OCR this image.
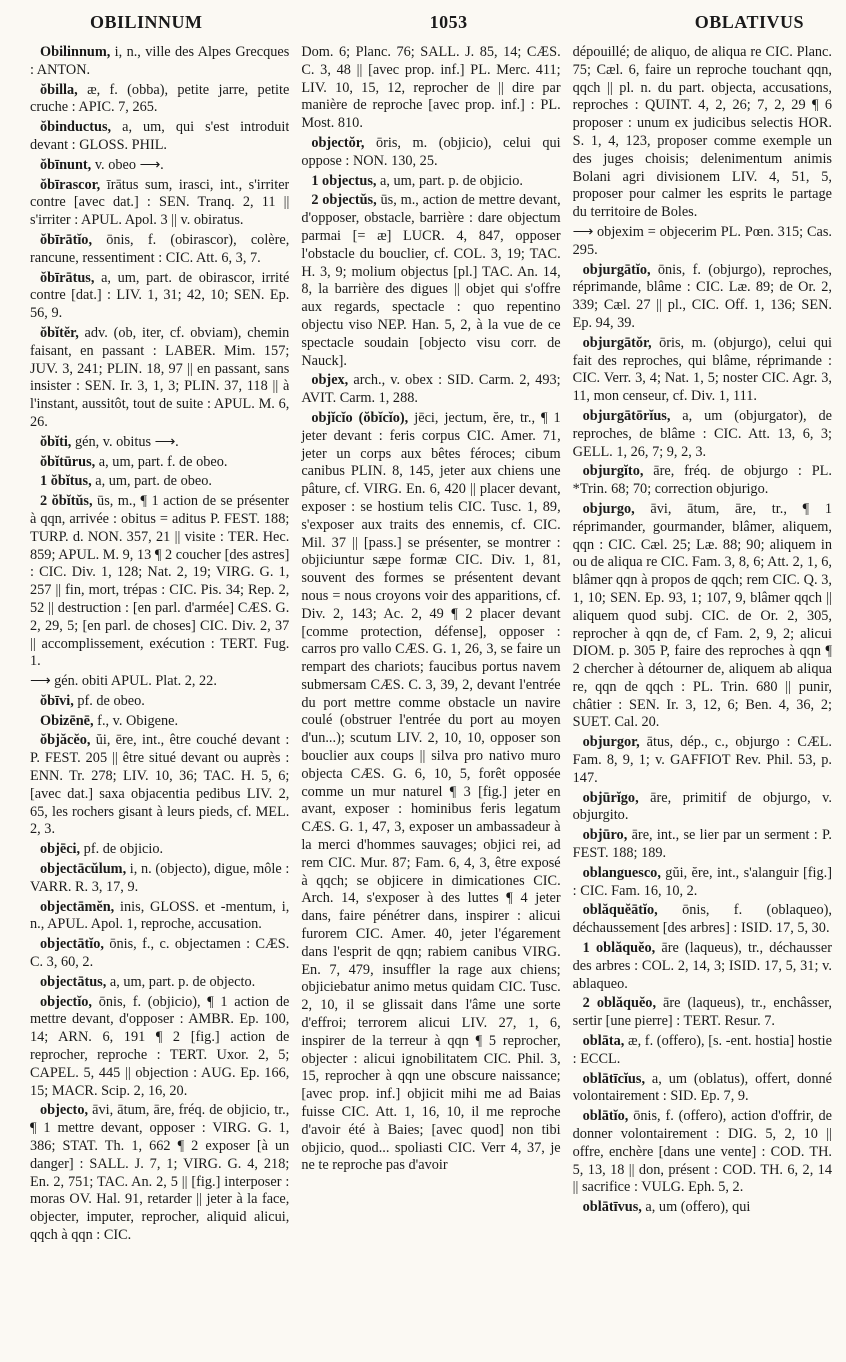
OBILINNUM	1053	OBLATIVUS

Obilinnum, i, n., ville des Alpes Grecques : ANTON.

ŏbilla, æ, f. (obba), petite jarre, petite cruche : APIC. 7, 265.

ŏbinductus, a, um, qui s'est introduit devant : GLOSS. PHIL.

ŏbīnunt, v. obeo ⟶.

ŏbīrascor, īrātus sum, irasci, int., s'irriter contre [avec dat.] : SEN. Tranq. 2, 11 || s'irriter : APUL. Apol. 3 || v. obiratus.

ŏbīrātĭo, ōnis, f. (obirascor), colère, rancune, ressentiment : CIC. Att. 6, 3, 7.

ŏbīrātus, a, um, part. de obirascor, irrité contre [dat.] : LIV. 1, 31; 42, 10; SEN. Ep. 56, 9.

ŏbĭtĕr, adv. (ob, iter, cf. obviam), chemin faisant, en passant : LABER. Mim. 157; JUV. 3, 241; PLIN. 18, 97 || en passant, sans insister : SEN. Ir. 3, 1, 3; PLIN. 37, 118 || à l'instant, aussitôt, tout de suite : APUL. M. 6, 26.

ŏbĭti, gén, v. obitus ⟶.

ŏbĭtūrus, a, um, part. f. de obeo.

1 ŏbĭtus, a, um, part. de obeo.

2 ŏbĭtŭs, ūs, m., ¶ 1 action de se présenter à qqn, arrivée : obitus = aditus P. FEST. 188; TURP. d. NON. 357, 21 || visite : TER. Hec. 859; APUL. M. 9, 13 ¶ 2 coucher [des astres] : CIC. Div. 1, 128; Nat. 2, 19; VIRG. G. 1, 257 || fin, mort, trépas : CIC. Pis. 34; Rep. 2, 52 || destruction : [en parl. d'armée] CÆS. G. 2, 29, 5; [en parl. de choses] CIC. Div. 2, 37 || accomplissement, exécution : TERT. Fug. 1.

⟶ gén. obiti APUL. Plat. 2, 22.

ŏbīvi, pf. de obeo.

Obizēnē, f., v. Obigene.

ŏbjăcĕo, ŭi, ēre, int., être couché devant : P. FEST. 205 || être situé devant ou auprès : ENN. Tr. 278; LIV. 10, 36; TAC. H. 5, 6; [avec dat.] saxa objacentia pedibus LIV. 2, 65, les rochers gisant à leurs pieds, cf. MEL. 2, 3.

objēci, pf. de objicio.

objectācŭlum, i, n. (objecto), digue, môle : VARR. R. 3, 17, 9.

objectāmĕn, inis, GLOSS. et -mentum, i, n., APUL. Apol. 1, reproche, accusation.

objectātĭo, ōnis, f., c. objectamen : CÆS. C. 3, 60, 2.

objectātus, a, um, part. p. de objecto.

objectĭo, ōnis, f. (objicio), ¶ 1 action de mettre devant, d'opposer : AMBR. Ep. 100, 14; ARN. 6, 191 ¶ 2 [fig.] action de reprocher, reproche : TERT. Uxor. 2, 5; CAPEL. 5, 445 || objection : AUG. Ep. 166, 15; MACR. Scip. 2, 16, 20.

objecto, āvi, ātum, āre, fréq. de objicio, tr., ¶ 1 mettre devant, opposer : VIRG. G. 1, 386; STAT. Th. 1, 662 ¶ 2 exposer [à un danger] : SALL. J. 7, 1; VIRG. G. 4, 218; En. 2, 751; TAC. An. 2, 5 || [fig.] interposer : moras OV. Hal. 91, retarder || jeter à la face, objecter, imputer, reprocher, aliquid alicui, qqch à qqn : CIC.

Dom. 6; Planc. 76; SALL. J. 85, 14; CÆS. C. 3, 48 || [avec prop. inf.] PL. Merc. 411; LIV. 10, 15, 12, reprocher de || dire par manière de reproche [avec prop. inf.] : PL. Most. 810.

objectŏr, ōris, m. (objicio), celui qui oppose : NON. 130, 25.

1 objectus, a, um, part. p. de objicio.

2 objectŭs, ūs, m., action de mettre devant, d'opposer, obstacle, barrière : dare objectum parmai [= æ] LUCR. 4, 847, opposer l'obstacle du bouclier, cf. COL. 3, 19; TAC. H. 3, 9; molium objectus [pl.] TAC. An. 14, 8, la barrière des digues || objet qui s'offre aux regards, spectacle : quo repentino objectu viso NEP. Han. 5, 2, à la vue de ce spectacle soudain [objecto visu corr. de Nauck].

objex, arch., v. obex : SID. Carm. 2, 493; AVIT. Carm. 1, 288.

objĭcĭo (ŏbĭcĭo), jēci, jectum, ĕre, tr., ¶ 1 jeter devant : feris corpus CIC. Amer. 71, jeter un corps aux bêtes féroces; cibum canibus PLIN. 8, 145, jeter aux chiens une pâture, cf. VIRG. En. 6, 420 || placer devant, exposer : se hostium telis CIC. Tusc. 1, 89, s'exposer aux traits des ennemis, cf. CIC. Mil. 37 || [pass.] se présenter, se montrer : objiciuntur sæpe formæ CIC. Div. 1, 81, souvent des formes se présentent devant nous = nous croyons voir des apparitions, cf. Div. 2, 143; Ac. 2, 49 ¶ 2 placer devant [comme protection, défense], opposer : carros pro vallo CÆS. G. 1, 26, 3, se faire un rempart des chariots; faucibus portus navem submersam CÆS. C. 3, 39, 2, devant l'entrée du port mettre comme obstacle un navire coulé (obstruer l'entrée du port au moyen d'un...); scutum LIV. 2, 10, 10, opposer son bouclier aux coups || silva pro nativo muro objecta CÆS. G. 6, 10, 5, forêt opposée comme un mur naturel ¶ 3 [fig.] jeter en avant, exposer : hominibus feris legatum CÆS. G. 1, 47, 3, exposer un ambassadeur à la merci d'hommes sauvages; objici rei, ad rem CIC. Mur. 87; Fam. 6, 4, 3, être exposé à qqch; se objicere in dimicationes CIC. Arch. 14, s'exposer à des luttes ¶ 4 jeter dans, faire pénétrer dans, inspirer : alicui furorem CIC. Amer. 40, jeter l'égarement dans l'esprit de qqn; rabiem canibus VIRG. En. 7, 479, insuffler la rage aux chiens; objiciebatur animo metus quidam CIC. Tusc. 2, 10, il se glissait dans l'âme une sorte d'effroi; terrorem alicui LIV. 27, 1, 6, inspirer de la terreur à qqn ¶ 5 reprocher, objecter : alicui ignobilitatem CIC. Phil. 3, 15, reprocher à qqn une obscure naissance; [avec prop. inf.] objicit mihi me ad Baias fuisse CIC. Att. 1, 16, 10, il me reproche d'avoir été à Baies; [avec quod] non tibi objicio, quod... spoliasti CIC. Verr 4, 37, je ne te reproche pas d'avoir

dépouillé; de aliquo, de aliqua re CIC. Planc. 75; Cæl. 6, faire un reproche touchant qqn, qqch || pl. n. du part. objecta, accusations, reproches : QUINT. 4, 2, 26; 7, 2, 29 ¶ 6 proposer : unum ex judicibus selectis HOR. S. 1, 4, 123, proposer comme exemple un des juges choisis; delenimentum animis Bolani agri divisionem LIV. 4, 51, 5, proposer pour calmer les esprits le partage du territoire de Boles.

⟶ objexim = objecerim PL. Pœn. 315; Cas. 295.

objurgātĭo, ōnis, f. (objurgo), reproches, réprimande, blâme : CIC. Læ. 89; de Or. 2, 339; Cæl. 27 || pl., CIC. Off. 1, 136; SEN. Ep. 94, 39.

objurgātŏr, ōris, m. (objurgo), celui qui fait des reproches, qui blâme, réprimande : CIC. Verr. 3, 4; Nat. 1, 5; noster CIC. Agr. 3, 11, mon censeur, cf. Div. 1, 111.

objurgātōrĭus, a, um (objurgator), de reproches, de blâme : CIC. Att. 13, 6, 3; GELL. 1, 26, 7; 9, 2, 3.

objurgĭto, āre, fréq. de objurgo : PL. *Trin. 68; 70; correction objurigo.

objurgo, āvi, ātum, āre, tr., ¶ 1 réprimander, gourmander, blâmer, aliquem, qqn : CIC. Cæl. 25; Læ. 88; 90; aliquem in ou de aliqua re CIC. Fam. 3, 8, 6; Att. 2, 1, 6, blâmer qqn à propos de qqch; rem CIC. Q. 3, 1, 10; SEN. Ep. 93, 1; 107, 9, blâmer qqch || aliquem quod subj. CIC. de Or. 2, 305, reprocher à qqn de, cf Fam. 2, 9, 2; alicui DIOM. p. 305 P, faire des reproches à qqn ¶ 2 chercher à détourner de, aliquem ab aliqua re, qqn de qqch : PL. Trin. 680 || punir, châtier : SEN. Ir. 3, 12, 6; Ben. 4, 36, 2; SUET. Cal. 20.

objurgor, ātus, dép., c., objurgo : CÆL. Fam. 8, 9, 1; v. GAFFIOT Rev. Phil. 53, p. 147.

objūrĭgo, āre, primitif de objurgo, v. objurgito.

objūro, āre, int., se lier par un serment : P. FEST. 188; 189.

oblanguesco, gŭi, ĕre, int., s'alanguir [fig.] : CIC. Fam. 16, 10, 2.

oblăquĕātĭo, ōnis, f. (oblaqueo), déchaussement [des arbres] : ISID. 17, 5, 30.

1 oblăquĕo, āre (laqueus), tr., déchausser des arbres : COL. 2, 14, 3; ISID. 17, 5, 31; v. ablaqueo.

2 oblăquĕo, āre (laqueus), tr., enchâsser, sertir [une pierre] : TERT. Resur. 7.

oblāta, æ, f. (offero), [s. -ent. hostia] hostie : ECCL.

oblātīcĭus, a, um (oblatus), offert, donné volontairement : SID. Ep. 7, 9.

oblātĭo, ōnis, f. (offero), action d'offrir, de donner volontairement : DIG. 5, 2, 10 || offre, enchère [dans une vente] : COD. TH. 5, 13, 18 || don, présent : COD. TH. 6, 2, 14 || sacrifice : VULG. Eph. 5, 2.

oblātīvus, a, um (offero), qui
